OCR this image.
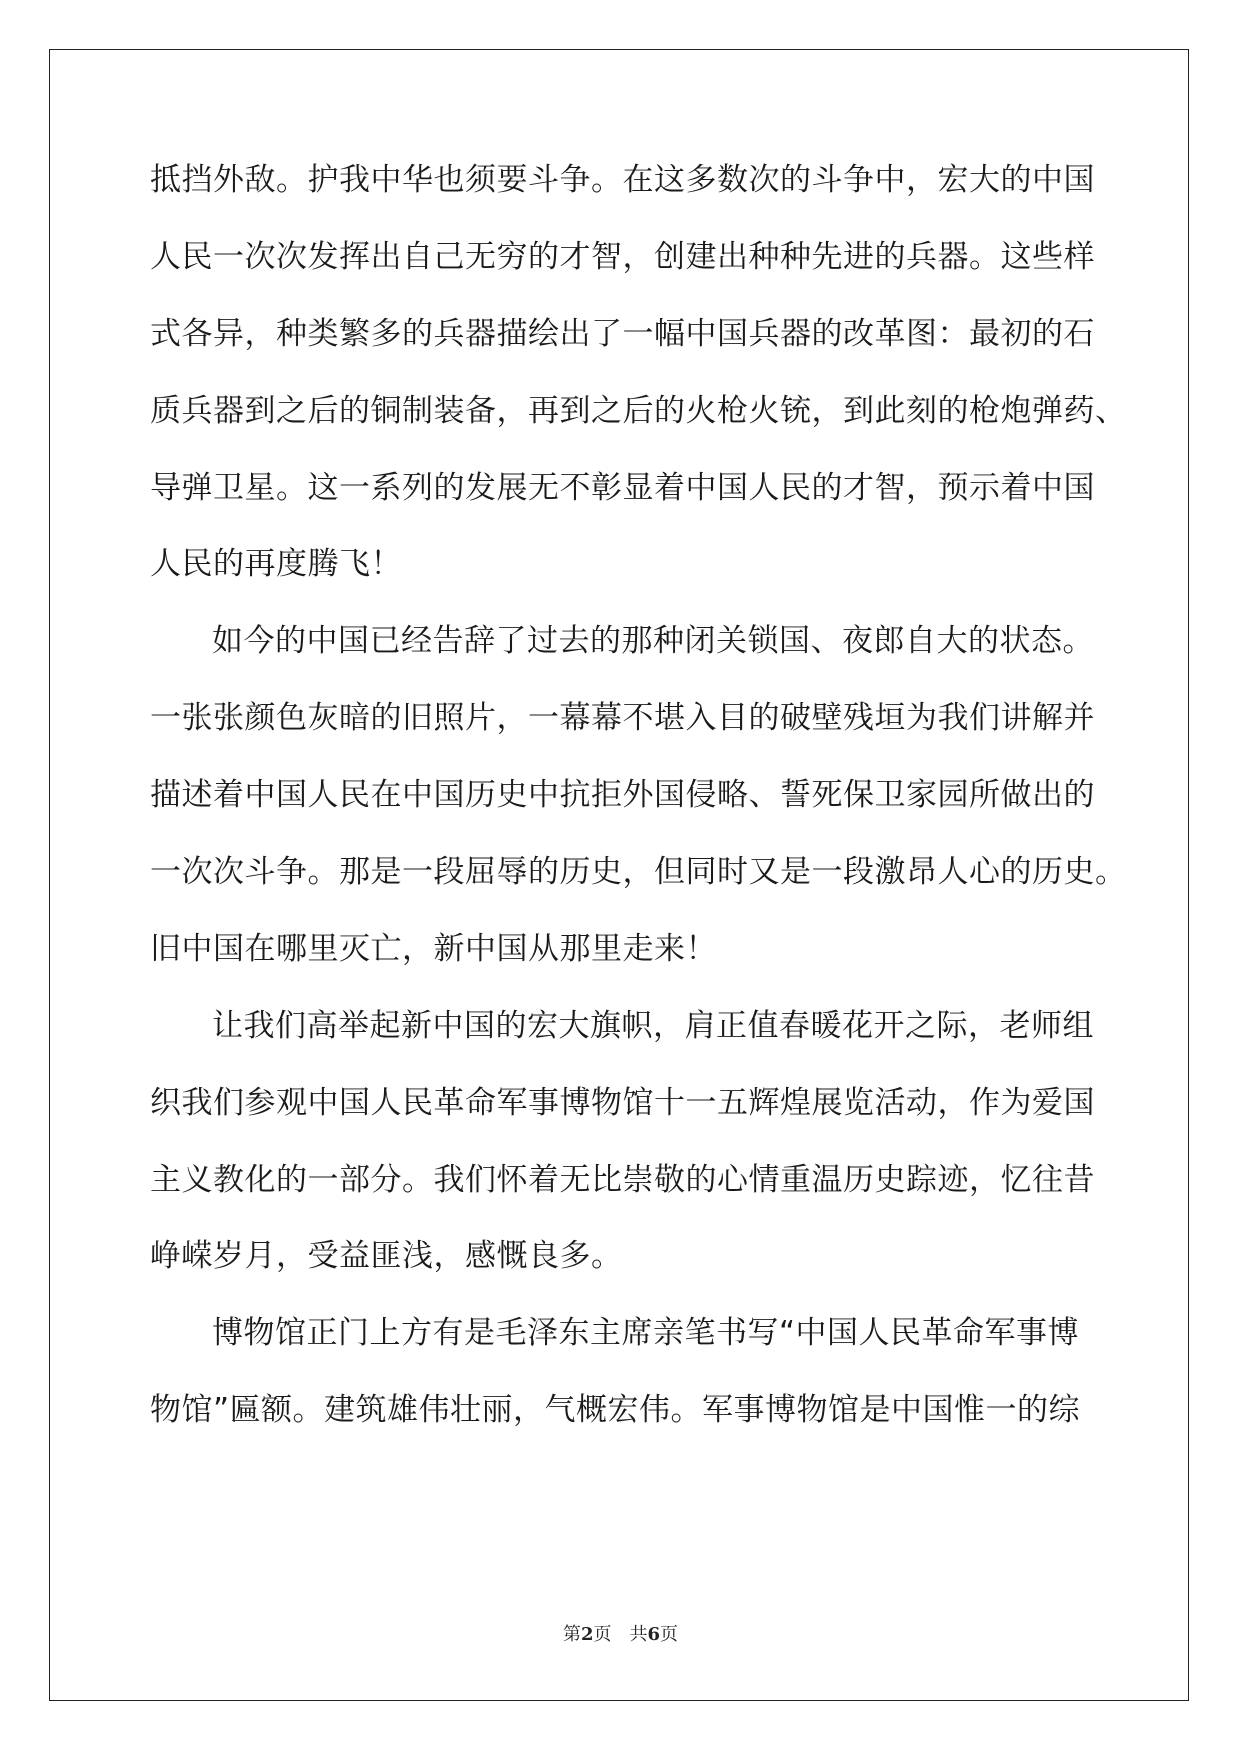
抵挡外敌。护我中华也须要斗争。在这多数次的斗争中，宏大的中国
人民一次次发挥出自己无穷的才智，创建出种种先进的兵器。这些样
式各异，种类繁多的兵器描绘出了一幅中国兵器的改革图：最初的石
质兵器到之后的铜制装备，再到之后的火枪火铳，到此刻的枪炮弹药、
导弹卫星。这一系列的发展无不彰显着中国人民的才智，预示着中国
人民的再度腾飞！
如今的中国已经告辞了过去的那种闭关锁国、夜郎自大的状态。
一张张颜色灰暗的旧照片，一幕幕不堪入目的破壁残垣为我们讲解并
描述着中国人民在中国历史中抗拒外国侵略、誓死保卫家园所做出的
一次次斗争。那是一段屈辱的历史，但同时又是一段激昂人心的历史。
旧中国在哪里灭亡，新中国从那里走来！
让我们高举起新中国的宏大旗帜，肩正值春暖花开之际，老师组
织我们参观中国人民革命军事博物馆十一五辉煌展览活动，作为爱国
主义教化的一部分。我们怀着无比崇敬的心情重温历史踪迹，忆往昔
峥嵘岁月，受益匪浅，感慨良多。
博物馆正门上方有是毛泽东主席亲笔书写“中国人民革命军事博
物馆”匾额。建筑雄伟壮丽，气概宏伟。军事博物馆是中国惟一的综
第2页 共6页
